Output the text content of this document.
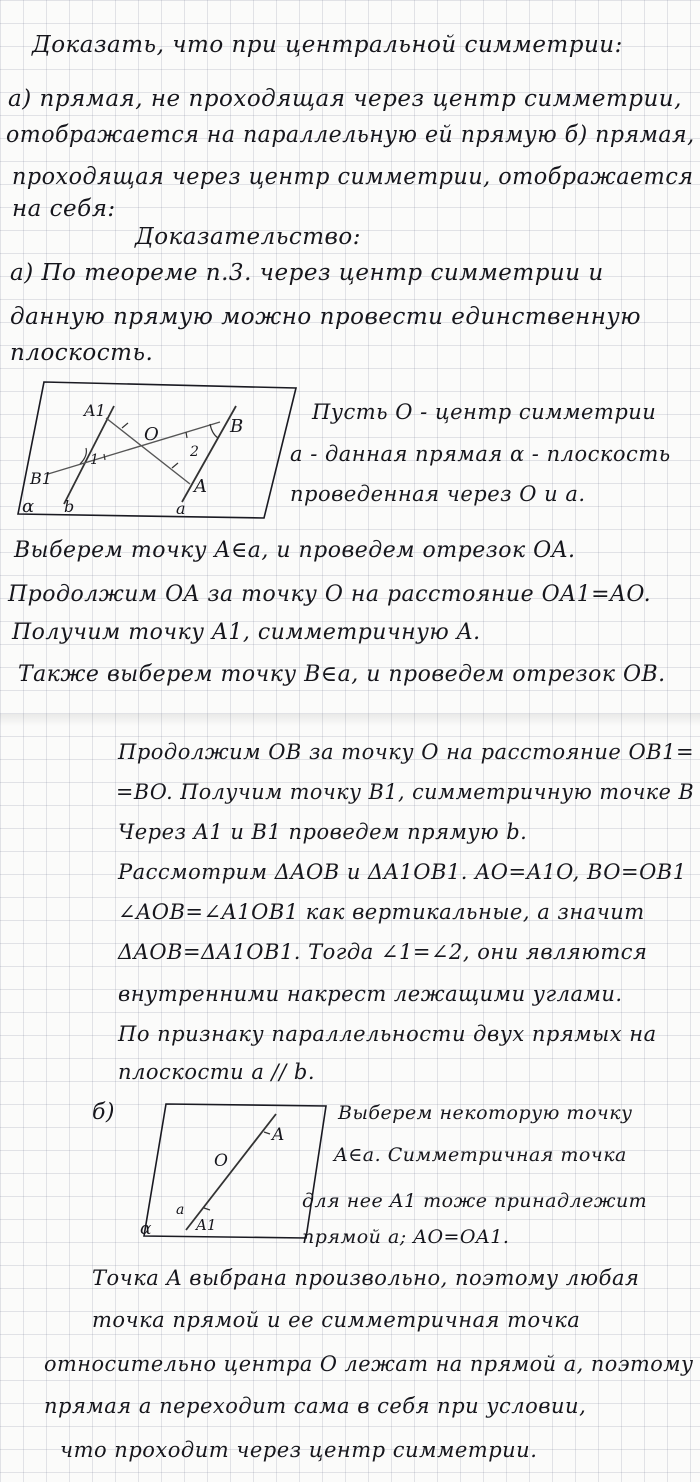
Доказать, что при центральной симметрии:

а) прямая, не проходящая через центр симметрии,

отображается на параллельную ей прямую б) прямая,

проходящая через центр симметрии, отображается

на себя:

Доказательство:

а) По теореме п.3. через центр симметрии и

данную прямую можно провести единственную

плоскость.

A1
O	B
B1	A
1	2
a
b
α

Пусть O - центр симметрии

a - данная прямая α - плоскость

проведенная через O и a.

Выберем точку A∈a, и проведем отрезок OA.

Продолжим OA за точку O на расстояние OA1=AO.

Получим точку A1, симметричную A.

Также выберем точку B∈a, и проведем отрезок OB.

Продолжим OB за точку O на расстояние OB1=

=BO. Получим точку B1, симметричную точке B

Через A1 и B1 проведем прямую b.

Рассмотрим ΔAOB и ΔA1OB1. AO=A1O, BO=OB1

∠AOB=∠A1OB1 как вертикальные, а значит

ΔAOB=ΔA1OB1. Тогда ∠1=∠2, они являются

внутренними накрест лежащими углами.

По признаку параллельности двух прямых на

плоскости a // b.

б)

A
O
a
A1
α

Выберем некоторую точку

A∈a. Симметричная точка

для нее A1 тоже принадлежит

прямой a; AO=OA1.

Точка A выбрана произвольно, поэтому любая

точка прямой и ее симметричная точка

относительно центра O лежат на прямой a, поэтому

прямая a переходит сама в себя при условии,

что проходит через центр симметрии.
